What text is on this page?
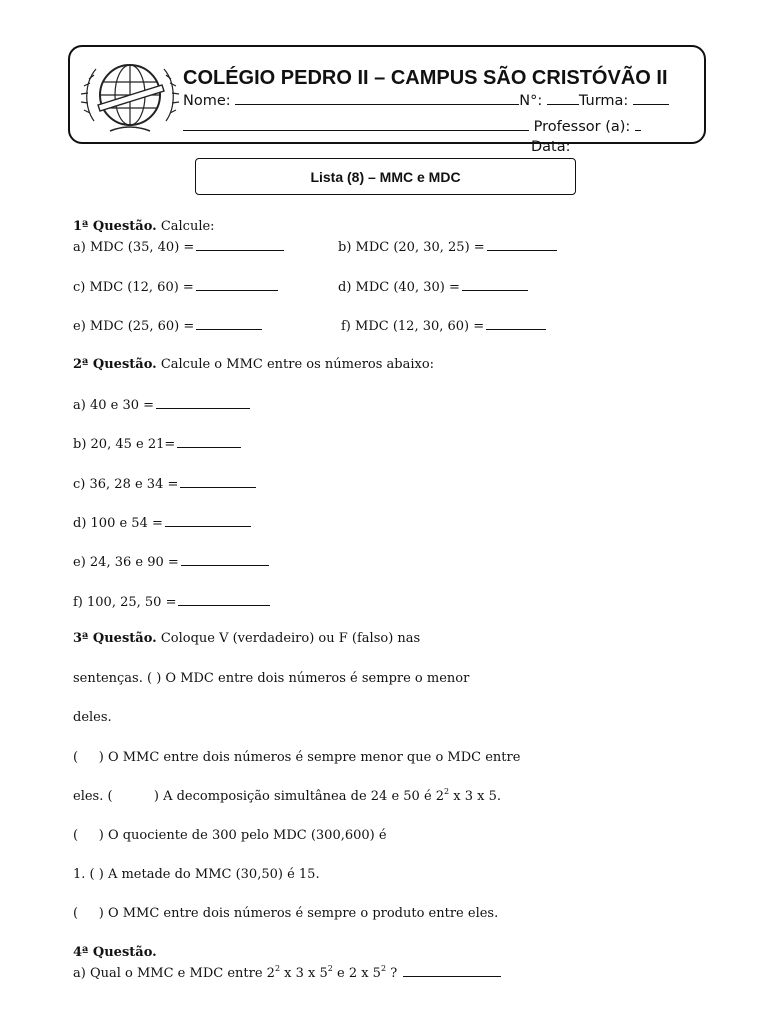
COLÉGIO PEDRO II – CAMPUS SÃO CRISTÓVÃO II
Nome:	N°:	Turma:
Professor (a):
Data:
Lista (8) – MMC e MDC
1ª Questão. Calcule:
a) MDC (35, 40) =	b) MDC (20, 30, 25) =
c) MDC (12, 60) =	d) MDC (40, 30) =
e) MDC (25, 60) =	f) MDC (12, 30, 60) =
2ª Questão. Calcule o MMC entre os números abaixo:
a) 40 e 30 =
b) 20, 45 e 21=
c) 36, 28 e 34 =
d) 100 e 54 =
e) 24, 36 e 90 =
f) 100, 25, 50 =
3ª Questão. Coloque V (verdadeiro) ou F (falso) nas
sentenças. ( ) O MDC entre dois números é sempre o menor
deles.
(     ) O MMC entre dois números é sempre menor que o MDC entre
eles. (          ) A decomposição simultânea de 24 e 50 é $2^2$ x 3 x 5.
(     ) O quociente de 300 pelo MDC (300,600) é
1. ( ) A metade do MMC (30,50) é 15.
(     ) O MMC entre dois números é sempre o produto entre eles.
4ª Questão.
a) Qual o MMC e MDC entre $2^2$ x 3 x $5^2$ e 2 x $5^2$ ?
